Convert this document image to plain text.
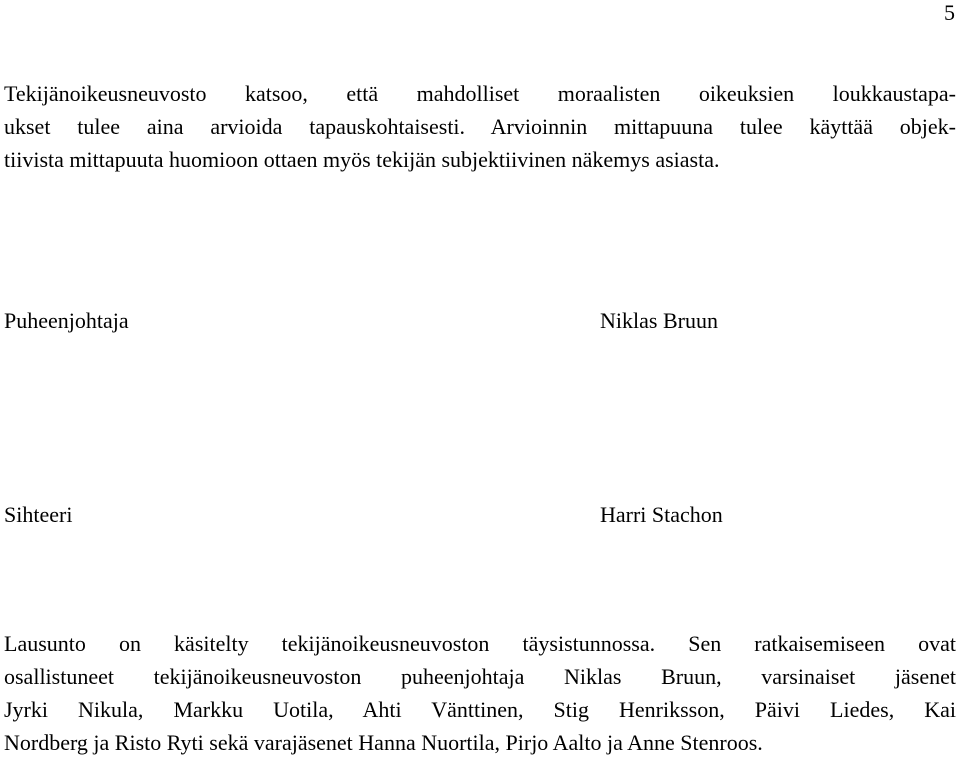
5
Tekijänoikeusneuvosto katsoo, että mahdolliset moraalisten oikeuksien loukkaustapa-
ukset tulee aina arvioida tapauskohtaisesti. Arvioinnin mittapuuna tulee käyttää objek-
tiivista mittapuuta huomioon ottaen myös tekijän subjektiivinen näkemys asiasta.
Puheenjohtaja	Niklas Bruun
Sihteeri	Harri Stachon
Lausunto on käsitelty tekijänoikeusneuvoston täysistunnossa. Sen ratkaisemiseen ovat
osallistuneet tekijänoikeusneuvoston puheenjohtaja Niklas Bruun, varsinaiset jäsenet
Jyrki Nikula, Markku Uotila, Ahti Vänttinen, Stig Henriksson, Päivi Liedes, Kai
Nordberg ja Risto Ryti sekä varajäsenet Hanna Nuortila, Pirjo Aalto ja Anne Stenroos.
